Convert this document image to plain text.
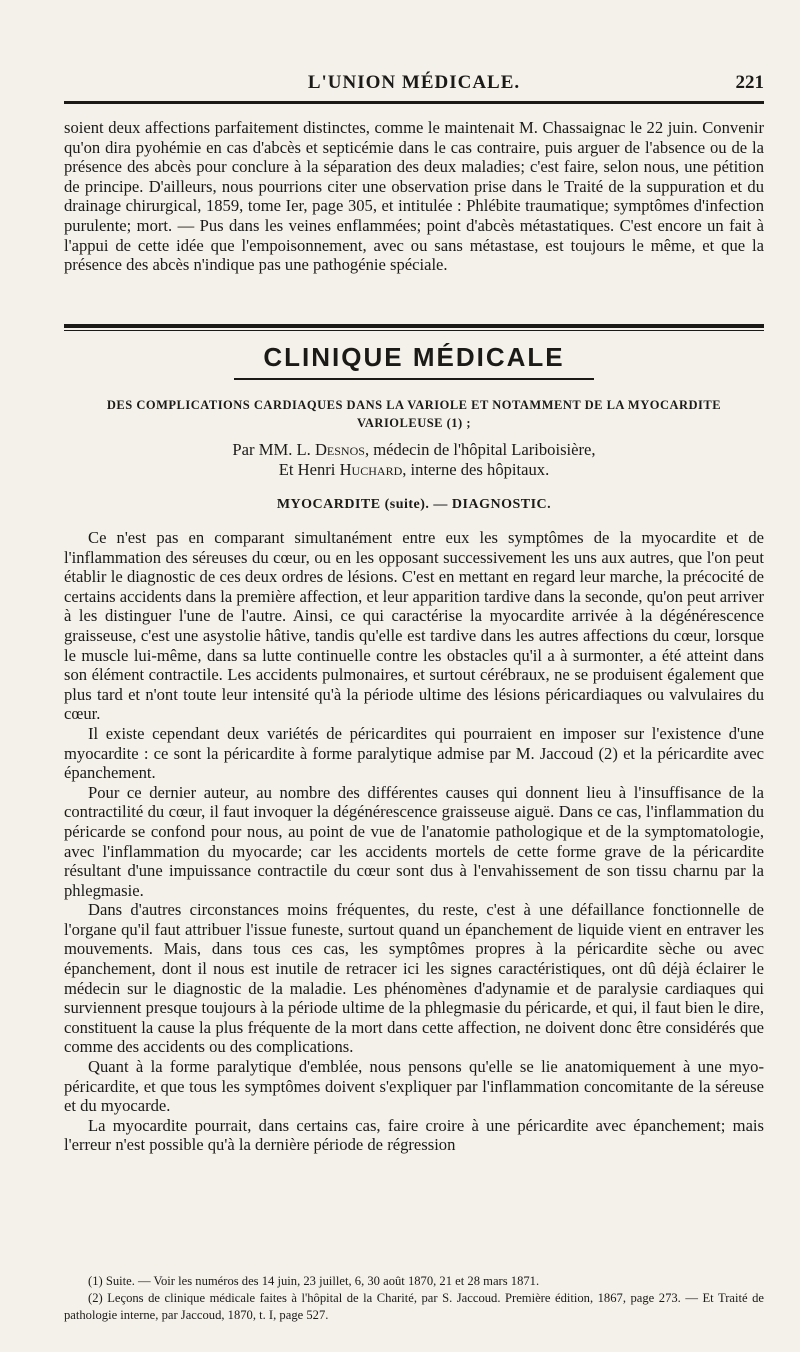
L'UNION MÉDICALE.	221

soient deux affections parfaitement distinctes, comme le maintenait M. Chassaignac le 22 juin. Convenir qu'on dira pyohémie en cas d'abcès et septicémie dans le cas contraire, puis arguer de l'absence ou de la présence des abcès pour conclure à la séparation des deux maladies; c'est faire, selon nous, une pétition de principe. D'ailleurs, nous pourrions citer une observation prise dans le Traité de la suppuration et du drainage chirurgical, 1859, tome Ier, page 305, et intitulée : Phlébite traumatique; symptômes d'infection purulente; mort. — Pus dans les veines enflammées; point d'abcès métastatiques. C'est encore un fait à l'appui de cette idée que l'empoisonnement, avec ou sans métastase, est toujours le même, et que la présence des abcès n'indique pas une pathogénie spéciale.

CLINIQUE MÉDICALE
DES COMPLICATIONS CARDIAQUES DANS LA VARIOLE ET NOTAMMENT DE LA MYOCARDITE VARIOLEUSE (1) ;
Par MM. L. Desnos, médecin de l'hôpital Lariboisière,
Et Henri Huchard, interne des hôpitaux.
MYOCARDITE (suite). — DIAGNOSTIC.

Ce n'est pas en comparant simultanément entre eux les symptômes de la myocardite et de l'inflammation des séreuses du cœur, ou en les opposant successivement les uns aux autres, que l'on peut établir le diagnostic de ces deux ordres de lésions. C'est en mettant en regard leur marche, la précocité de certains accidents dans la première affection, et leur apparition tardive dans la seconde, qu'on peut arriver à les distinguer l'une de l'autre. Ainsi, ce qui caractérise la myocardite arrivée à la dégénérescence graisseuse, c'est une asystolie hâtive, tandis qu'elle est tardive dans les autres affections du cœur, lorsque le muscle lui-même, dans sa lutte continuelle contre les obstacles qu'il a à surmonter, a été atteint dans son élément contractile. Les accidents pulmonaires, et surtout cérébraux, ne se produisent également que plus tard et n'ont toute leur intensité qu'à la période ultime des lésions péricardiaques ou valvulaires du cœur.

Il existe cependant deux variétés de péricardites qui pourraient en imposer sur l'existence d'une myocardite : ce sont la péricardite à forme paralytique admise par M. Jaccoud (2) et la péricardite avec épanchement.

Pour ce dernier auteur, au nombre des différentes causes qui donnent lieu à l'insuffisance de la contractilité du cœur, il faut invoquer la dégénérescence graisseuse aiguë. Dans ce cas, l'inflammation du péricarde se confond pour nous, au point de vue de l'anatomie pathologique et de la symptomatologie, avec l'inflammation du myocarde; car les accidents mortels de cette forme grave de la péricardite résultant d'une impuissance contractile du cœur sont dus à l'envahissement de son tissu charnu par la phlegmasie.

Dans d'autres circonstances moins fréquentes, du reste, c'est à une défaillance fonctionnelle de l'organe qu'il faut attribuer l'issue funeste, surtout quand un épanchement de liquide vient en entraver les mouvements. Mais, dans tous ces cas, les symptômes propres à la péricardite sèche ou avec épanchement, dont il nous est inutile de retracer ici les signes caractéristiques, ont dû déjà éclairer le médecin sur le diagnostic de la maladie. Les phénomènes d'adynamie et de paralysie cardiaques qui surviennent presque toujours à la période ultime de la phlegmasie du péricarde, et qui, il faut bien le dire, constituent la cause la plus fréquente de la mort dans cette affection, ne doivent donc être considérés que comme des accidents ou des complications.

Quant à la forme paralytique d'emblée, nous pensons qu'elle se lie anatomiquement à une myo-péricardite, et que tous les symptômes doivent s'expliquer par l'inflammation concomitante de la séreuse et du myocarde.

La myocardite pourrait, dans certains cas, faire croire à une péricardite avec épanchement; mais l'erreur n'est possible qu'à la dernière période de régression

(1) Suite. — Voir les numéros des 14 juin, 23 juillet, 6, 30 août 1870, 21 et 28 mars 1871.

(2) Leçons de clinique médicale faites à l'hôpital de la Charité, par S. Jaccoud. Première édition, 1867, page 273. — Et Traité de pathologie interne, par Jaccoud, 1870, t. I, page 527.
